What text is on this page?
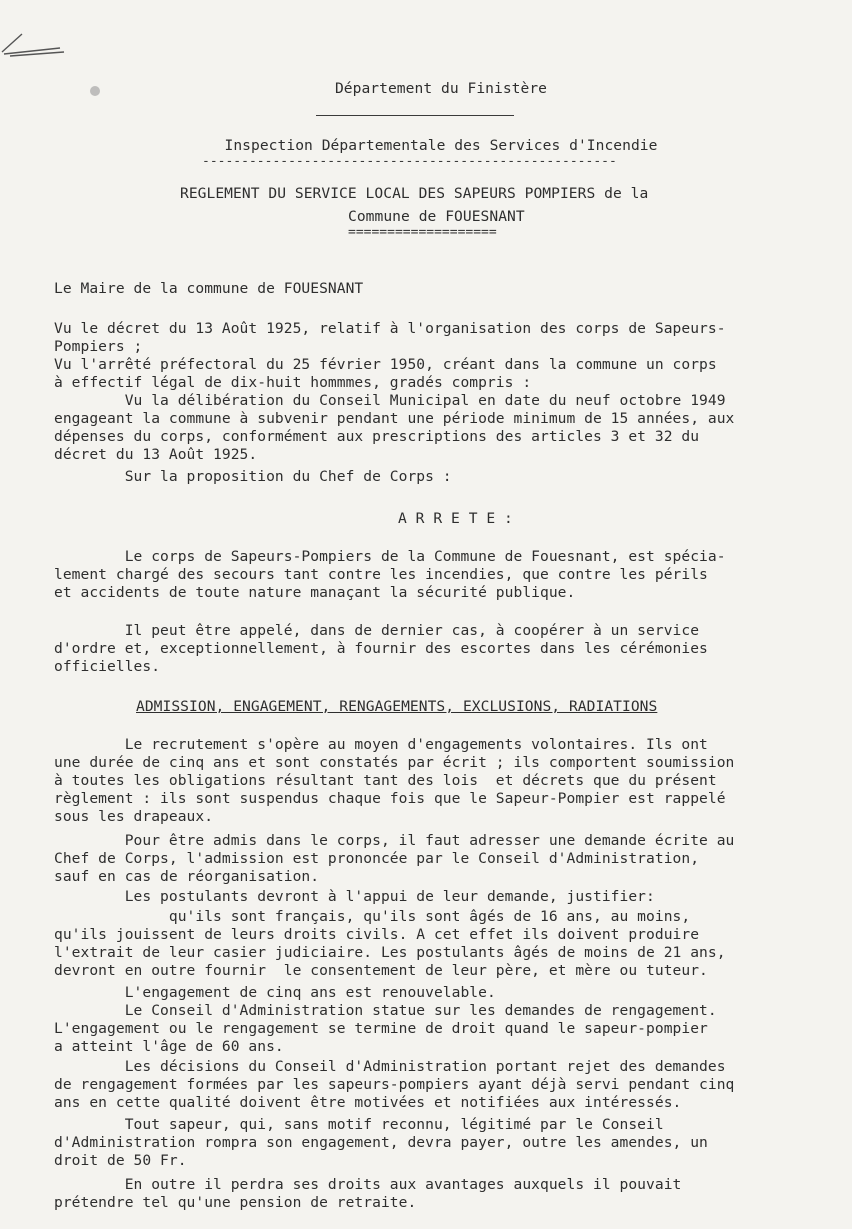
Département du Finistère
Inspection Départementale des Services d'Incendie
-----------------------------------------------------
REGLEMENT DU SERVICE LOCAL DES SAPEURS POMPIERS de la
Commune de FOUESNANT
===================
Le Maire de la commune de FOUESNANT
Vu le décret du 13 Août 1925, relatif à l'organisation des corps de Sapeurs-
Pompiers ;
Vu l'arrêté préfectoral du 25 février 1950, créant dans la commune un corps
à effectif légal de dix-huit hommmes, gradés compris :
Vu la délibération du Conseil Municipal en date du neuf octobre 1949
engageant la commune à subvenir pendant une période minimum de 15 années, aux
dépenses du corps, conformément aux prescriptions des articles 3 et 32 du
décret du 13 Août 1925.
Sur la proposition du Chef de Corps :
A R R E T E :
Le corps de Sapeurs-Pompiers de la Commune de Fouesnant, est spécia-
lement chargé des secours tant contre les incendies, que contre les périls
et accidents de toute nature manaçant la sécurité publique.
Il peut être appelé, dans de dernier cas, à coopérer à un service
d'ordre et, exceptionnellement, à fournir des escortes dans les cérémonies
officielles.
ADMISSION, ENGAGEMENT, RENGAGEMENTS, EXCLUSIONS, RADIATIONS
Le recrutement s'opère au moyen d'engagements volontaires. Ils ont
une durée de cinq ans et sont constatés par écrit ; ils comportent soumission
à toutes les obligations résultant tant des lois  et décrets que du présent
règlement : ils sont suspendus chaque fois que le Sapeur-Pompier est rappelé
sous les drapeaux.
Pour être admis dans le corps, il faut adresser une demande écrite au
Chef de Corps, l'admission est prononcée par le Conseil d'Administration,
sauf en cas de réorganisation.
Les postulants devront à l'appui de leur demande, justifier:
qu'ils sont français, qu'ils sont âgés de 16 ans, au moins,
qu'ils jouissent de leurs droits civils. A cet effet ils doivent produire
l'extrait de leur casier judiciaire. Les postulants âgés de moins de 21 ans,
devront en outre fournir  le consentement de leur père, et mère ou tuteur.
L'engagement de cinq ans est renouvelable.
Le Conseil d'Administration statue sur les demandes de rengagement.
L'engagement ou le rengagement se termine de droit quand le sapeur-pompier
a atteint l'âge de 60 ans.
Les décisions du Conseil d'Administration portant rejet des demandes
de rengagement formées par les sapeurs-pompiers ayant déjà servi pendant cinq
ans en cette qualité doivent être motivées et notifiées aux intéressés.
Tout sapeur, qui, sans motif reconnu, légitimé par le Conseil
d'Administration rompra son engagement, devra payer, outre les amendes, un
droit de 50 Fr.
En outre il perdra ses droits aux avantages auxquels il pouvait
prétendre tel qu'une pension de retraite.
